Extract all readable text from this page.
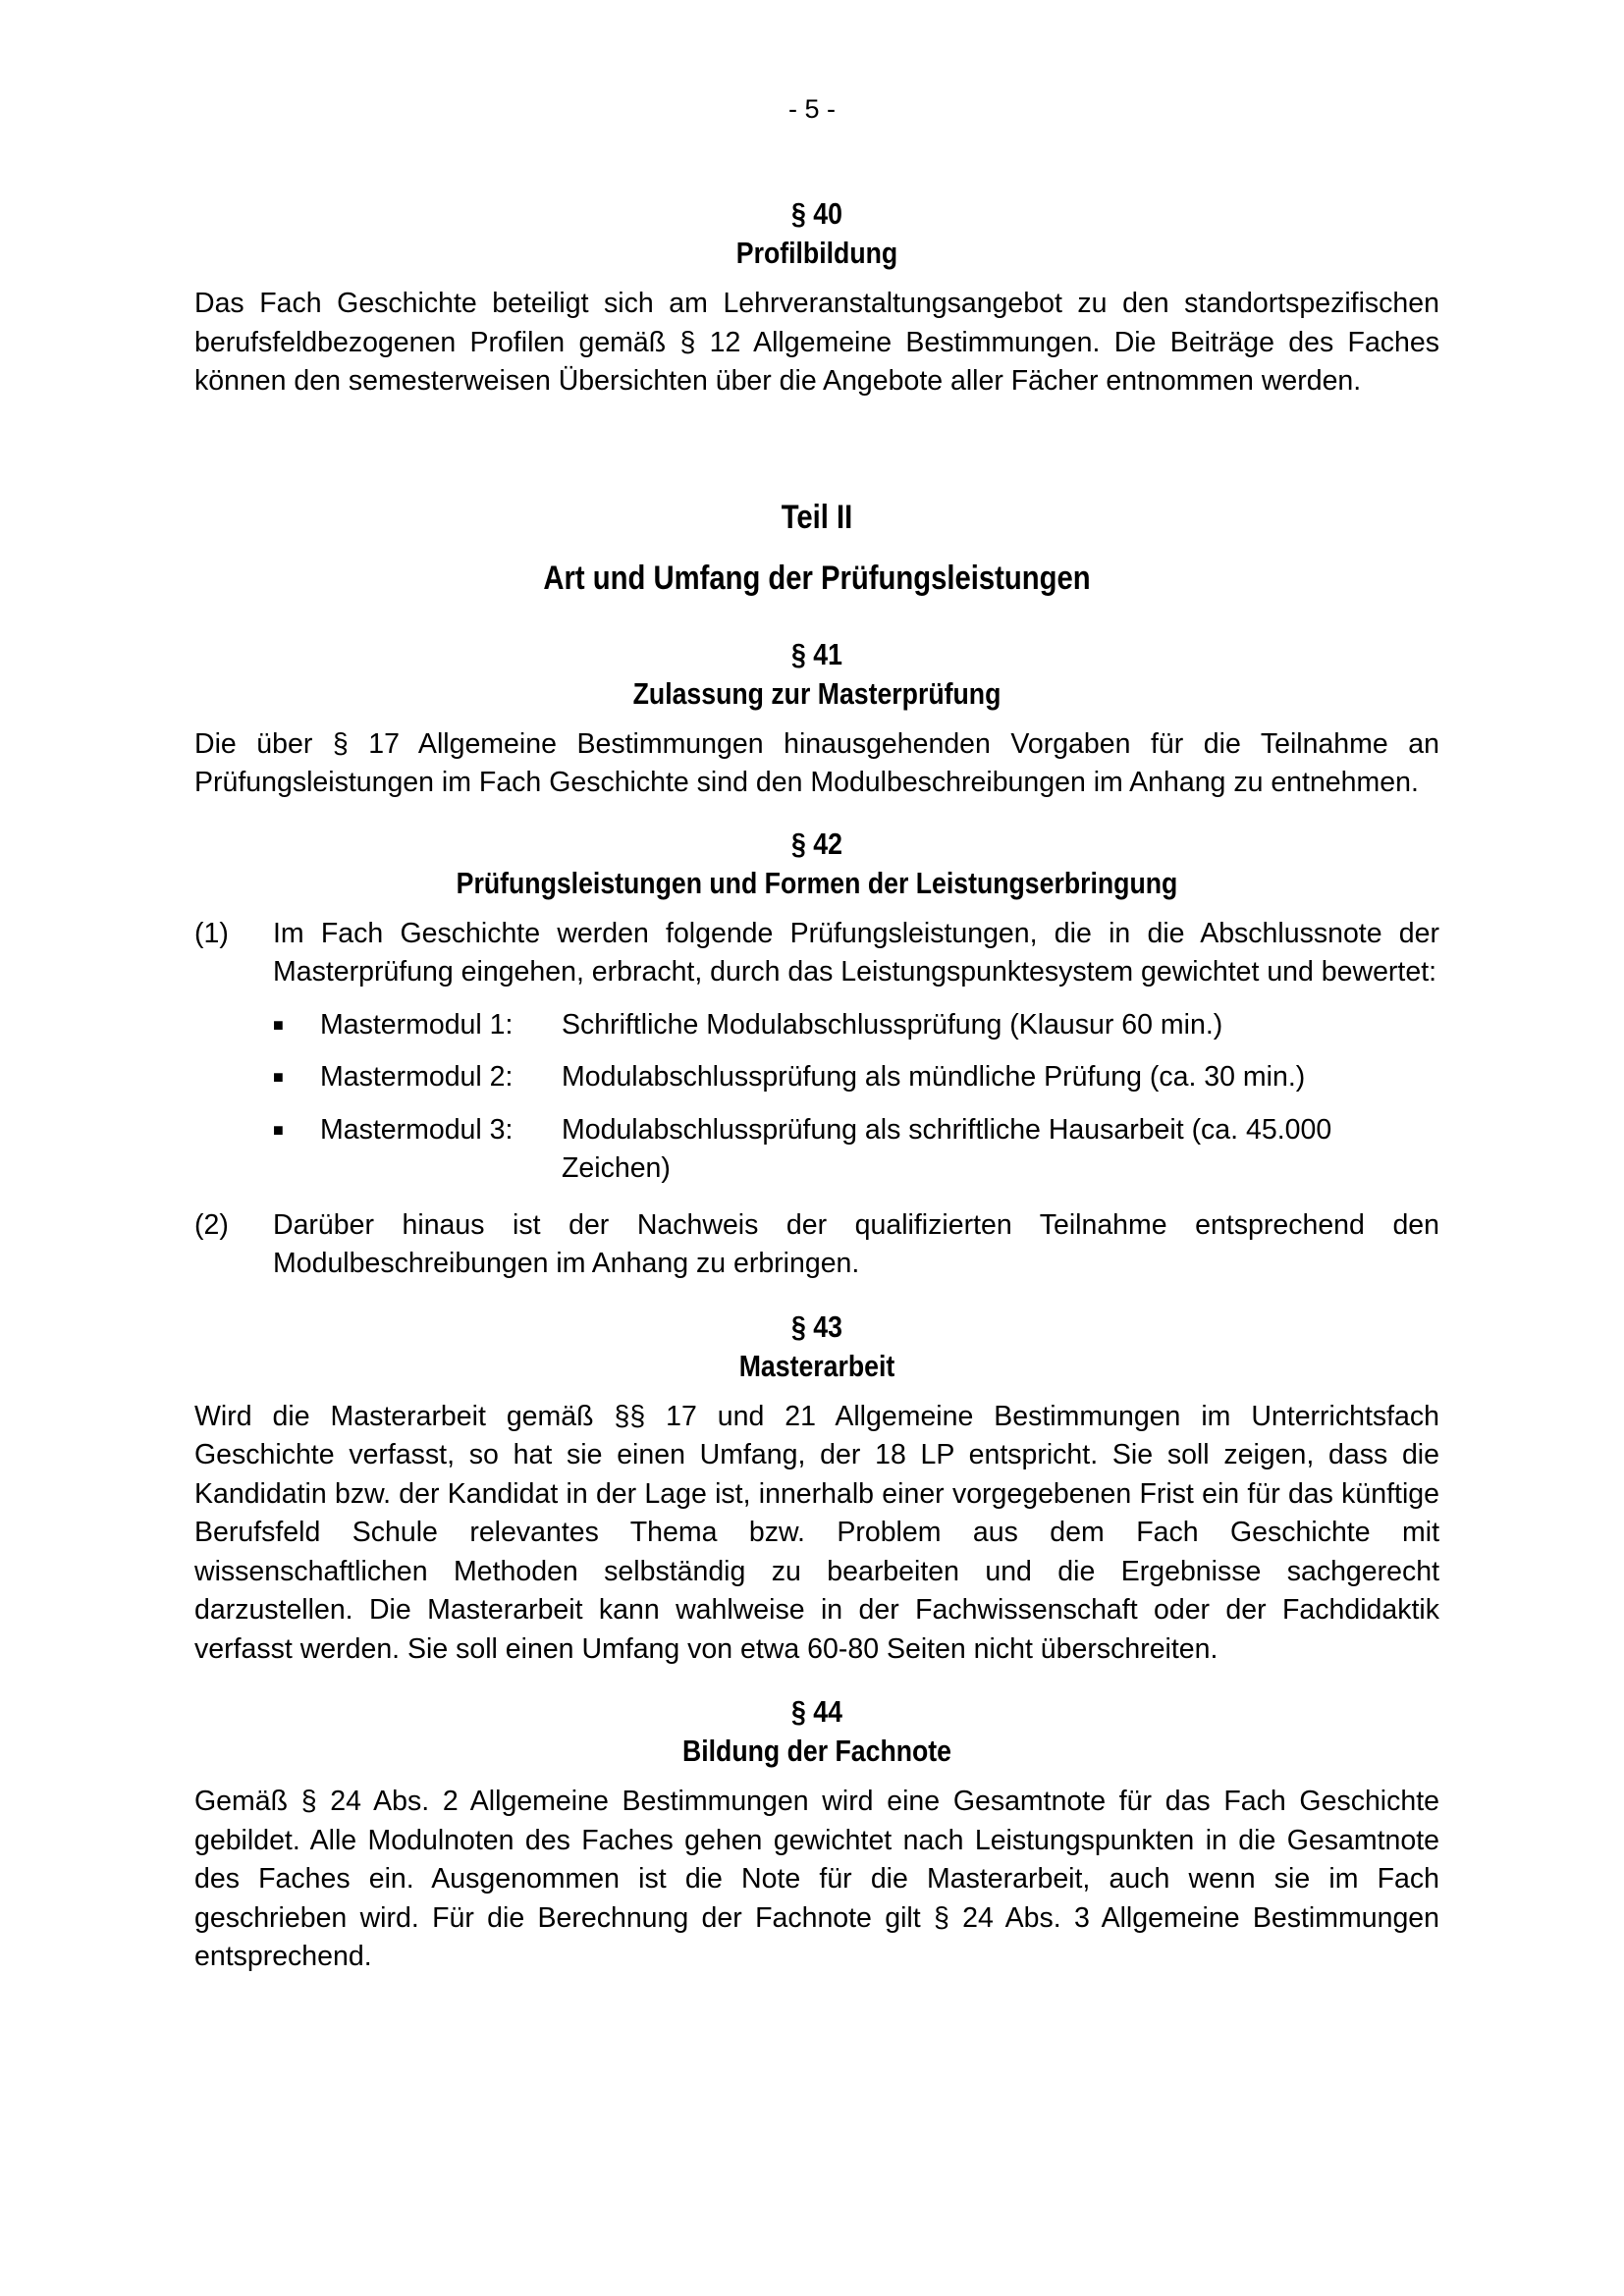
- 5 -
§ 40
Profilbildung

Das Fach Geschichte beteiligt sich am Lehrveranstaltungsangebot zu den standortspezifischen berufsfeldbezogenen Profilen gemäß § 12 Allgemeine Bestimmungen. Die Beiträge des Faches können den semesterweisen Übersichten über die Angebote aller Fächer entnommen werden.

Teil II
Art und Umfang der Prüfungsleistungen
§ 41
Zulassung zur Masterprüfung

Die über § 17 Allgemeine Bestimmungen hinausgehenden Vorgaben für die Teilnahme an Prüfungsleistungen im Fach Geschichte sind den Modulbeschreibungen im Anhang zu entnehmen.

§ 42
Prüfungsleistungen und Formen der Leistungserbringung
(1)	Im Fach Geschichte werden folgende Prüfungsleistungen, die in die Abschlussnote der Masterprüfung eingehen, erbracht, durch das Leistungspunktesystem gewichtet und bewertet:
■	Mastermodul 1:	Schriftliche Modulabschlussprüfung (Klausur 60 min.)
■	Mastermodul 2:	Modulabschlussprüfung als mündliche Prüfung (ca. 30 min.)
■	Mastermodul 3:	Modulabschlussprüfung als schriftliche Hausarbeit (ca. 45.000 Zeichen)
(2)	Darüber hinaus ist der Nachweis der qualifizierten Teilnahme entsprechend den Modulbeschreibungen im Anhang zu erbringen.
§ 43
Masterarbeit

Wird die Masterarbeit gemäß §§ 17 und 21 Allgemeine Bestimmungen im Unterrichtsfach Geschichte verfasst, so hat sie einen Umfang, der 18 LP entspricht. Sie soll zeigen, dass die Kandidatin bzw. der Kandidat in der Lage ist, innerhalb einer vorgegebenen Frist ein für das künftige Berufsfeld Schule relevantes Thema bzw. Problem aus dem Fach Geschichte mit wissenschaftlichen Methoden selbständig zu bearbeiten und die Ergebnisse sachgerecht darzustellen. Die Masterarbeit kann wahlweise in der Fachwissenschaft oder der Fachdidaktik verfasst werden. Sie soll einen Umfang von etwa 60-80 Seiten nicht überschreiten.

§ 44
Bildung der Fachnote

Gemäß § 24 Abs. 2 Allgemeine Bestimmungen wird eine Gesamtnote für das Fach Geschichte gebildet. Alle Modulnoten des Faches gehen gewichtet nach Leistungspunkten in die Gesamtnote des Faches ein. Ausgenommen ist die Note für die Masterarbeit, auch wenn sie im Fach geschrieben wird. Für die Berechnung der Fachnote gilt § 24 Abs. 3 Allgemeine Bestimmungen entsprechend.
